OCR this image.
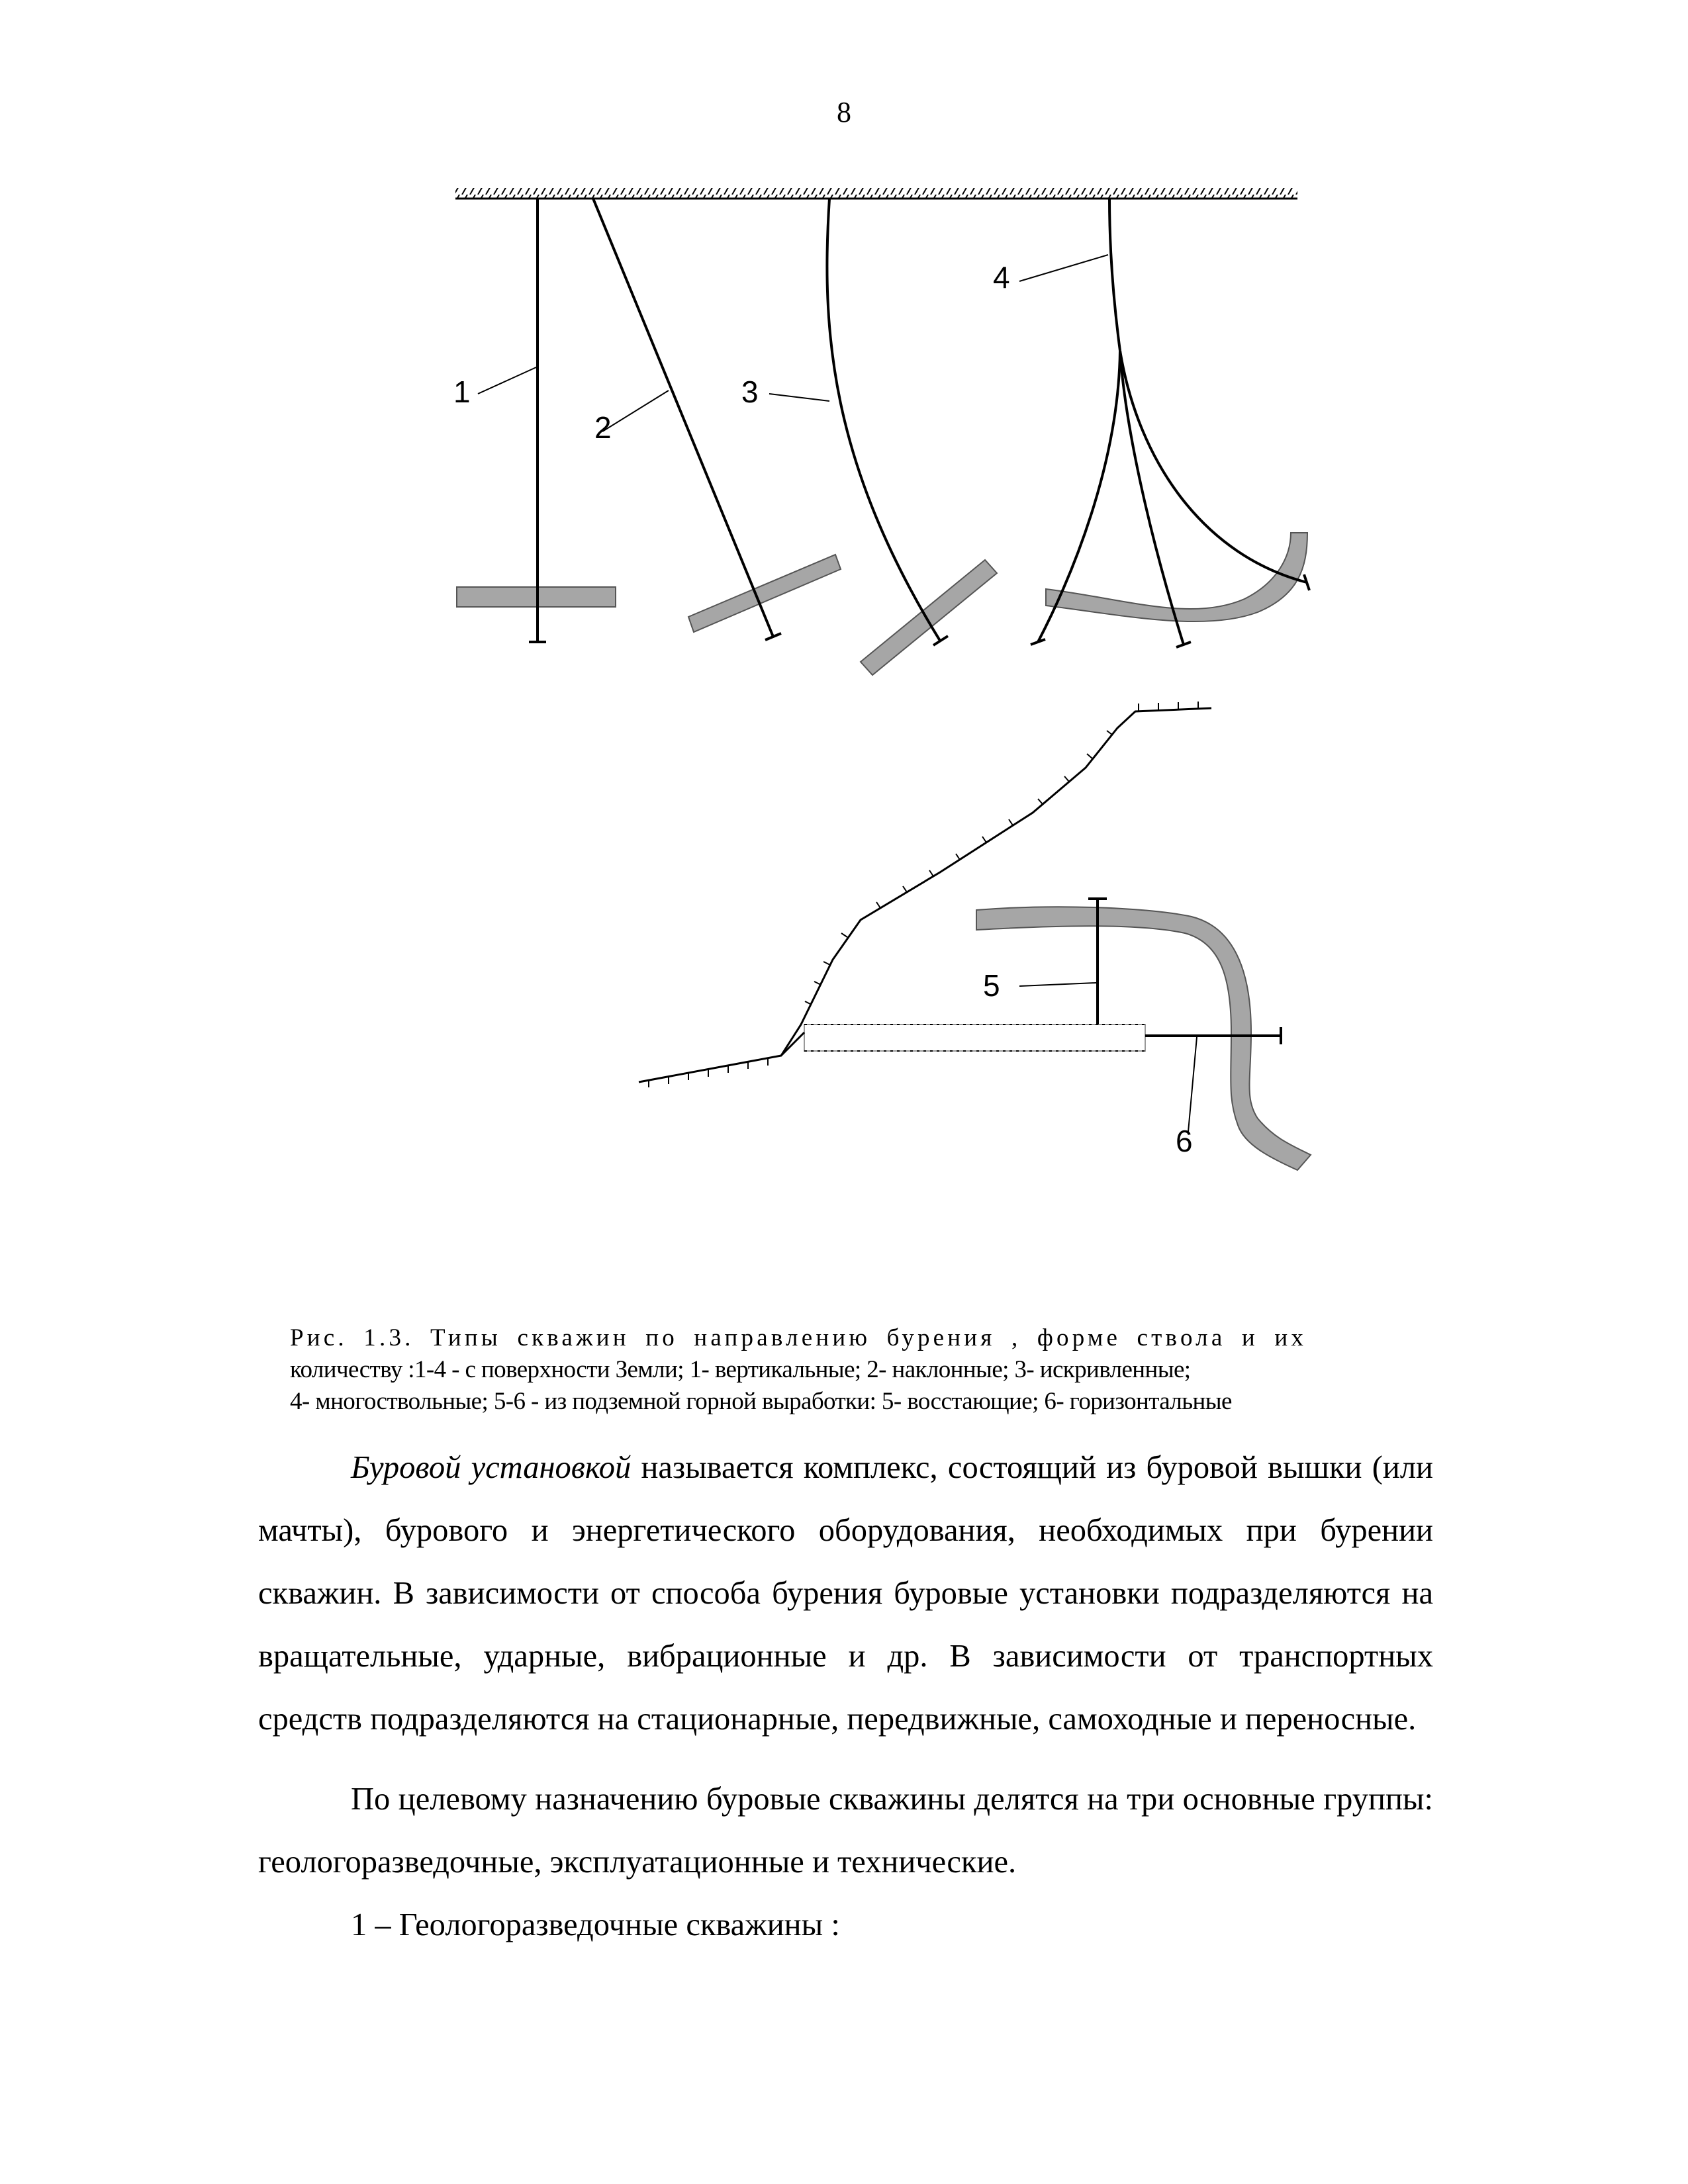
8
1
2
3
4
5
6
Рис. 1.3. Типы скважин по направлению бурения , форме ствола и их
количеству :1-4 - с поверхности Земли; 1- вертикальные; 2- наклонные; 3- искривленные;
4- многоствольные; 5-6 - из подземной горной выработки: 5- восстающие; 6- горизонтальные

Буровой установкой называется комплекс, состоящий из буровой вышки (или мачты), бурового и энергетического оборудования, необходимых при бурении скважин. В зависимости от способа бурения буровые установки подразделяются на вращательные, ударные, вибрационные и др. В зависимости от транспортных средств подразделяются на стационарные, передвижные, самоходные и переносные.

По целевому назначению буровые скважины делятся на три основные группы: геологоразведочные, эксплуатационные и технические.

1 – Геологоразведочные скважины :
